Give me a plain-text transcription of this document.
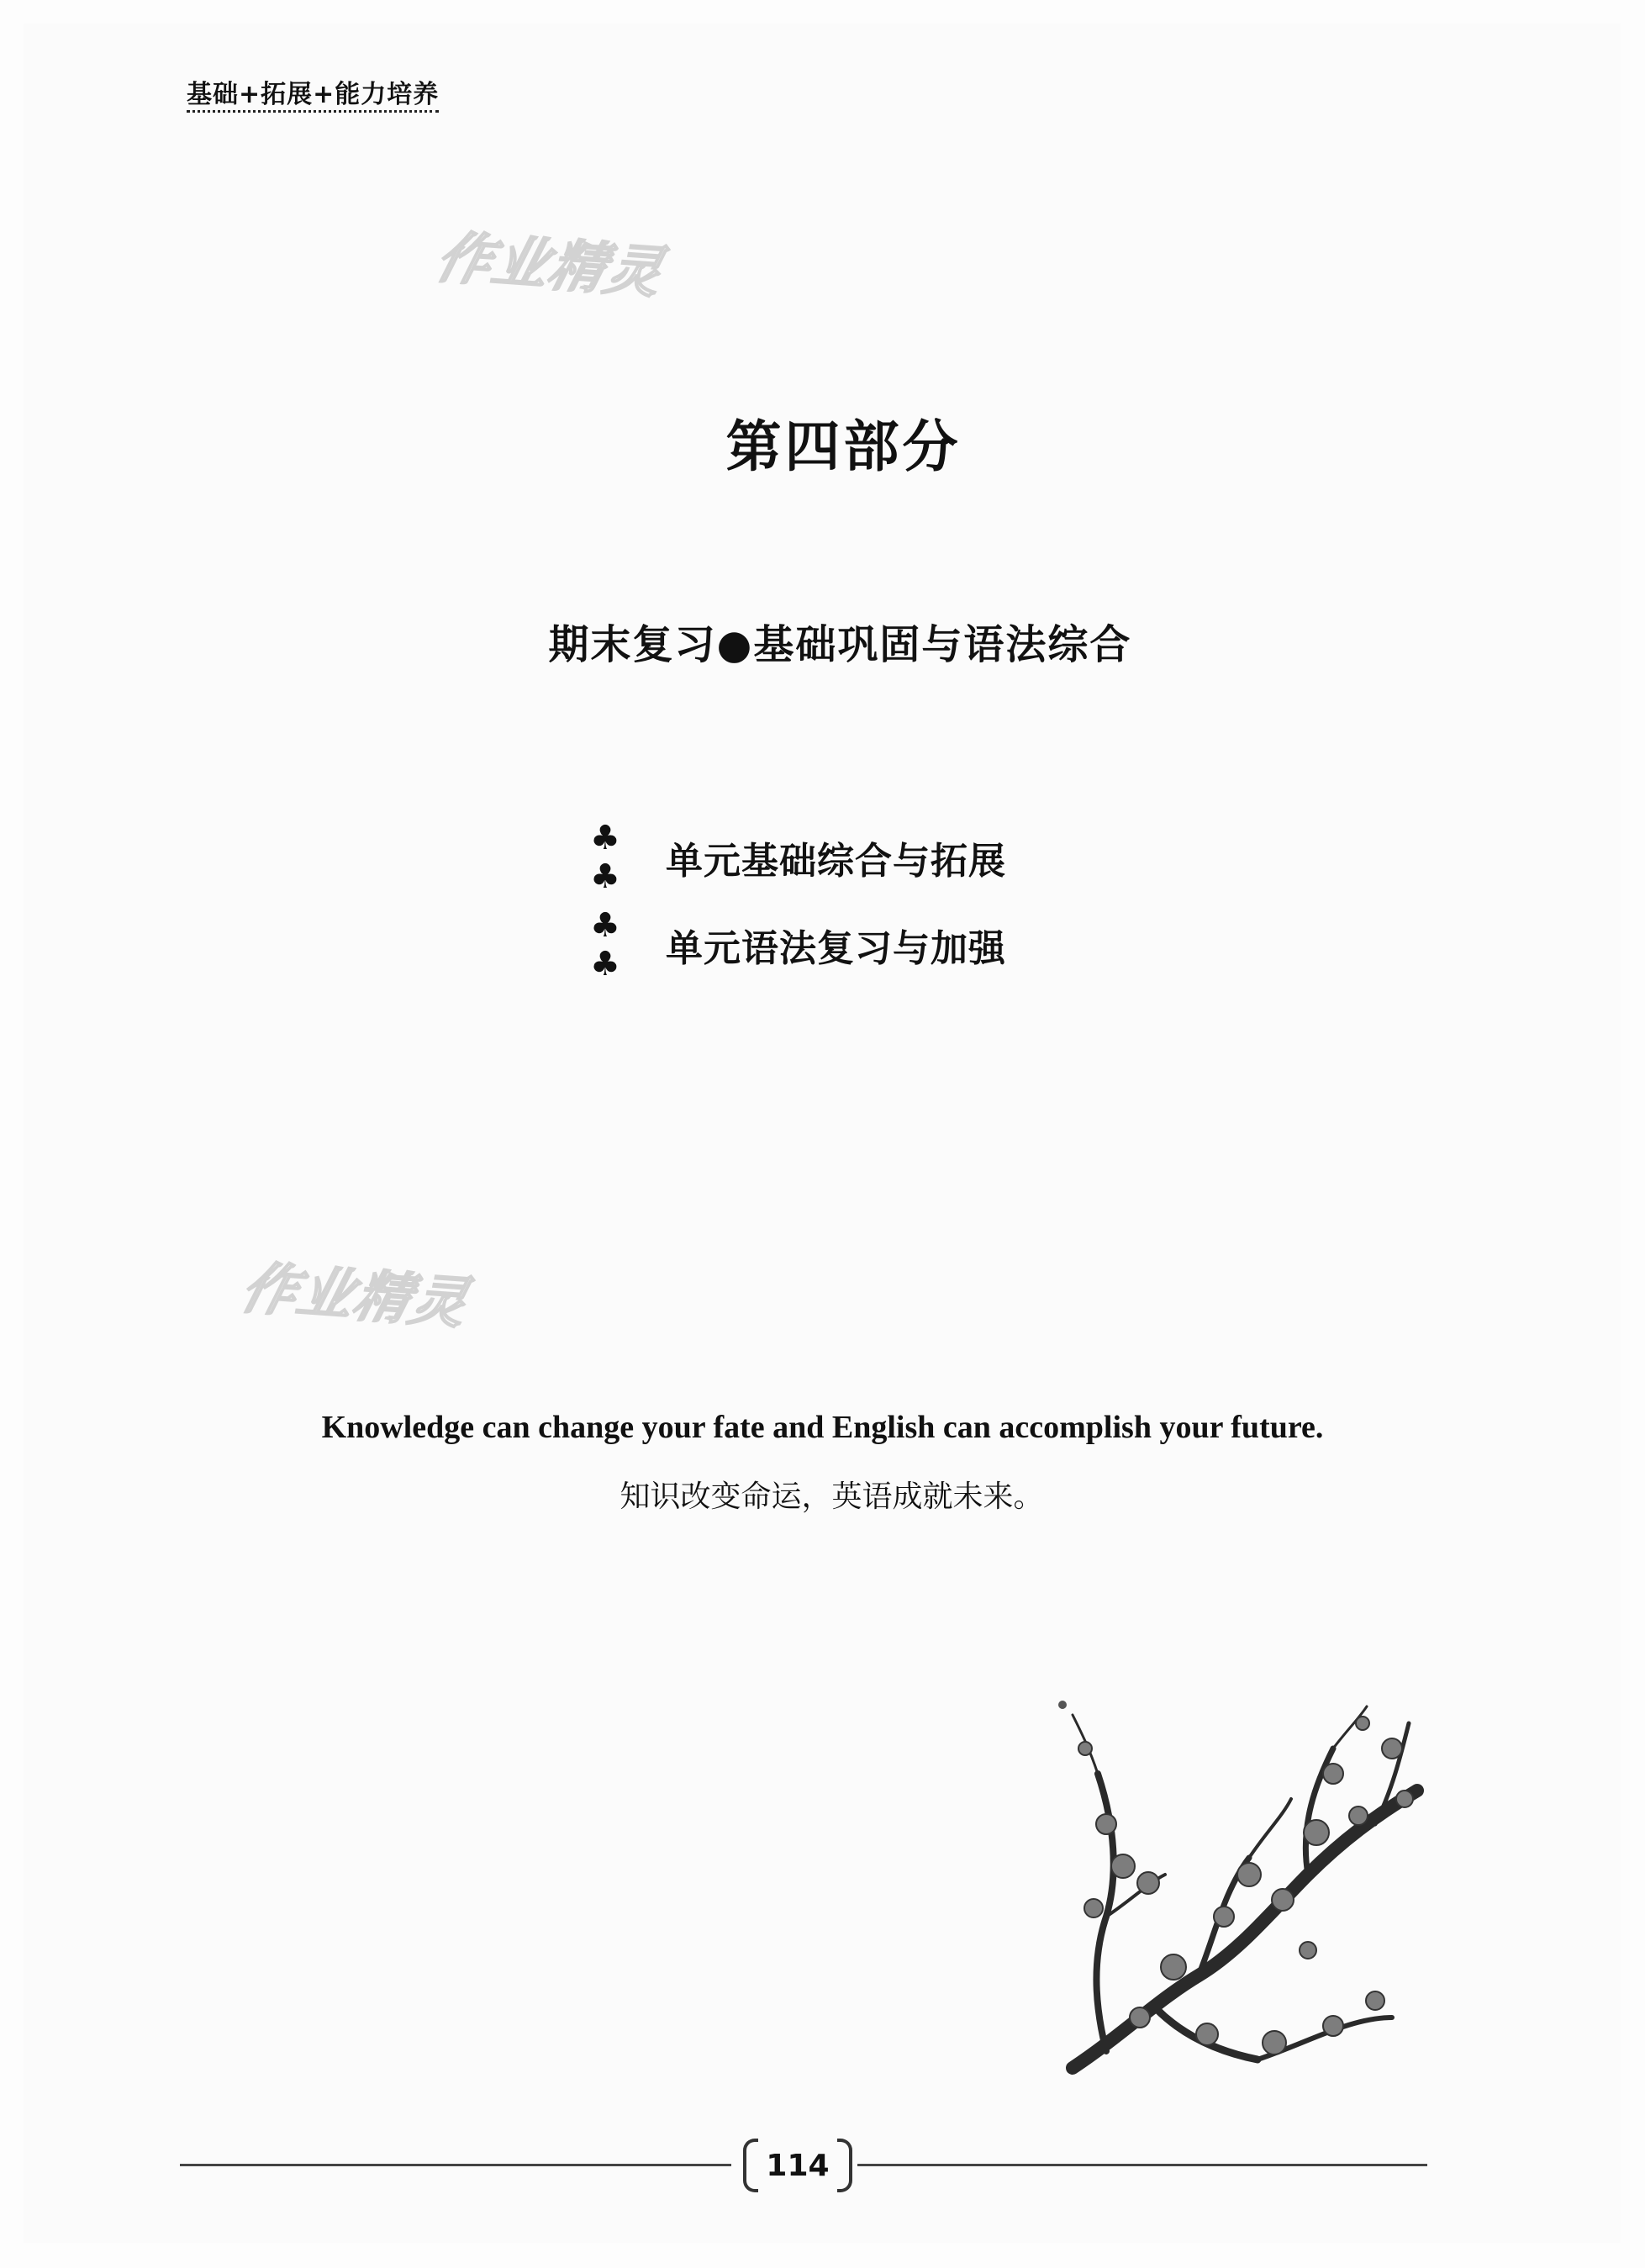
基础+拓展+能力培养
作业精灵
作业精灵
第四部分
期末复习●基础巩固与语法综合
♣ ♣	单元基础综合与拓展
♣ ♣	单元语法复习与加强
Knowledge can change your fate and English can accomplish your future.
知识改变命运，英语成就未来。
114
